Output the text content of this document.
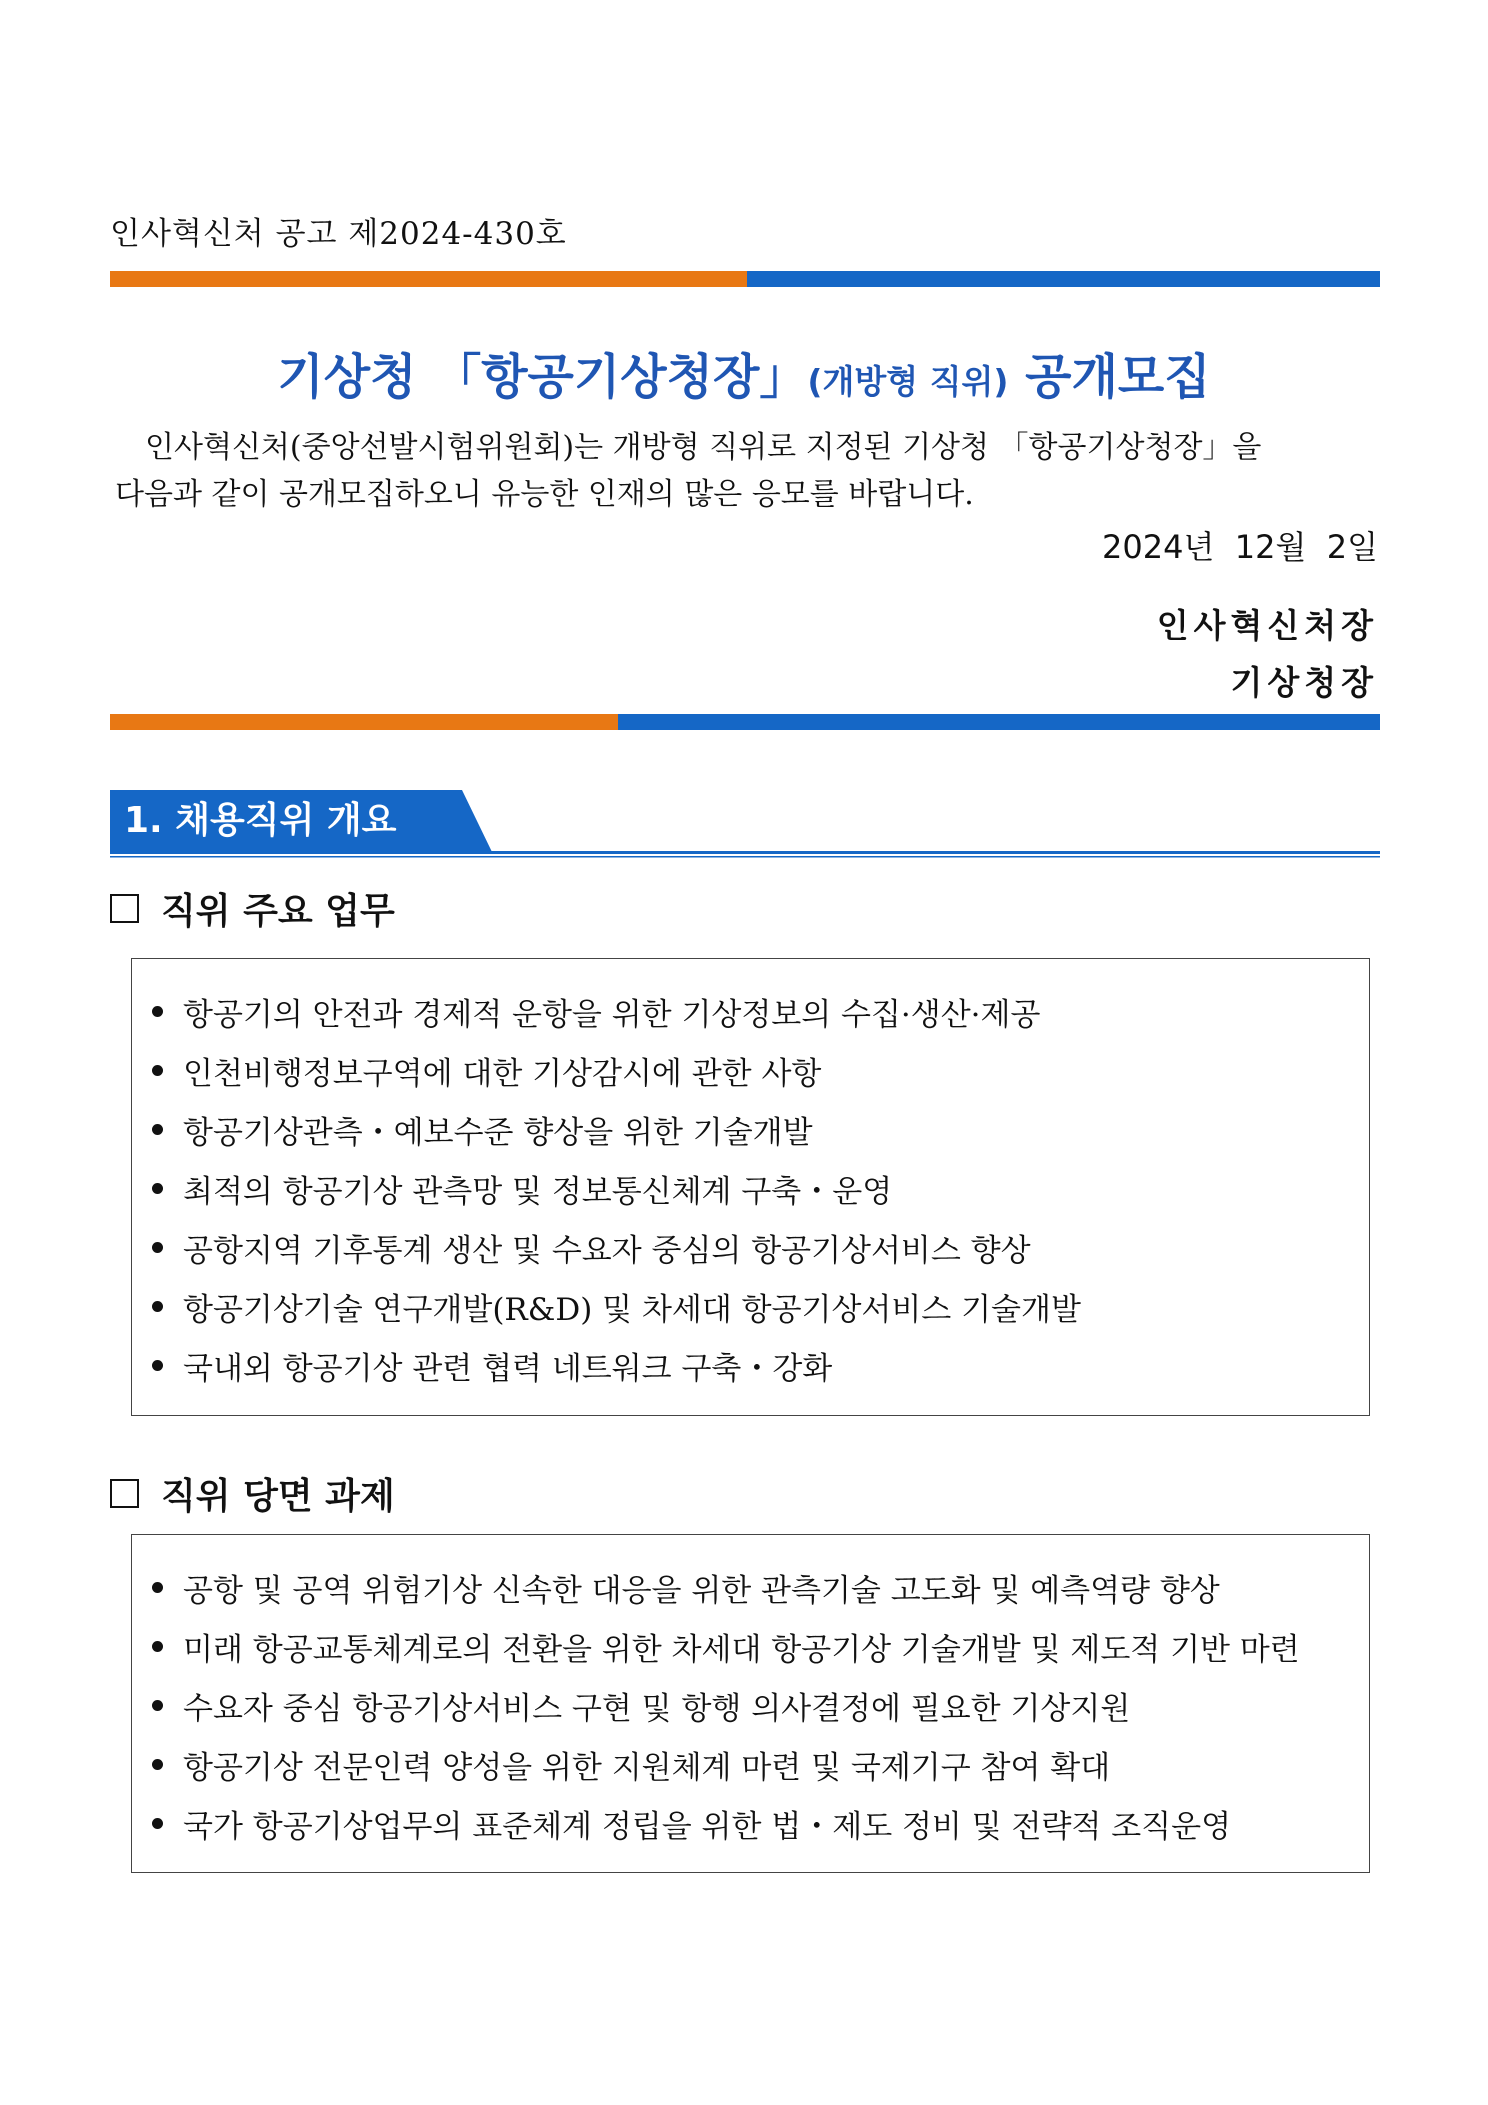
인사혁신처 공고 제2024-430호
기상청 「항공기상청장」(개방형 직위) 공개모집

인사혁신처(중앙선발시험위원회)는 개방형 직위로 지정된 기상청 「항공기상청장」을

다음과 같이 공개모집하오니 유능한 인재의 많은 응모를 바랍니다.

2024년  12월  2일
인사혁신처장
기상청장
1. 채용직위 개요
직위 주요 업무
항공기의 안전과 경제적 운항을 위한 기상정보의 수집·생산·제공
인천비행정보구역에 대한 기상감시에 관한 사항
항공기상관측・예보수준 향상을 위한 기술개발
최적의 항공기상 관측망 및 정보통신체계 구축・운영
공항지역 기후통계 생산 및 수요자 중심의 항공기상서비스 향상
항공기상기술 연구개발(R&D) 및 차세대 항공기상서비스 기술개발
국내외 항공기상 관련 협력 네트워크 구축・강화
직위 당면 과제
공항 및 공역 위험기상 신속한 대응을 위한 관측기술 고도화 및 예측역량 향상
미래 항공교통체계로의 전환을 위한 차세대 항공기상 기술개발 및 제도적 기반 마련
수요자 중심 항공기상서비스 구현 및 항행 의사결정에 필요한 기상지원
항공기상 전문인력 양성을 위한 지원체계 마련 및 국제기구 참여 확대
국가 항공기상업무의 표준체계 정립을 위한 법・제도 정비 및 전략적 조직운영
